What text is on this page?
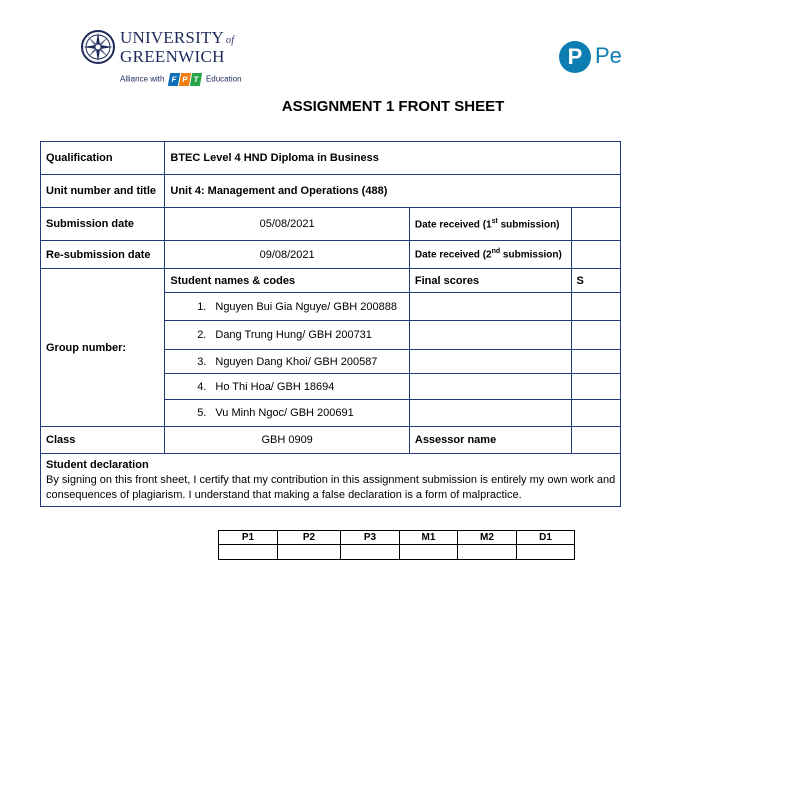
UNIVERSITY of
GREENWICH
Alliance with F P T Education
P Pe
ASSIGNMENT 1 FRONT SHEET
Qualification	BTEC Level 4 HND Diploma in Business		
Unit number and title	Unit 4: Management and Operations (488)		
Submission date	05/08/2021	Date received (1st submission)	
Re-submission date	09/08/2021	Date received (2nd submission)	
Group number:	Student names & codes	Final scores	S
	1. Nguyen Bui Gia Nguye/ GBH 200888		
	2. Dang Trung Hung/ GBH 200731		
	3. Nguyen Dang Khoi/ GBH 200587		
	4. Ho Thi Hoa/ GBH 18694		
	5. Vu Minh Ngoc/ GBH 200691		
Class	GBH 0909	Assessor name	

Student declaration
By signing on this front sheet, I certify that my contribution in this assignment submission is entirely my own work and
consequences of plagiarism. I understand that making a false declaration is a form of malpractice.			
P1	P2	P3	M1	M2	D1
